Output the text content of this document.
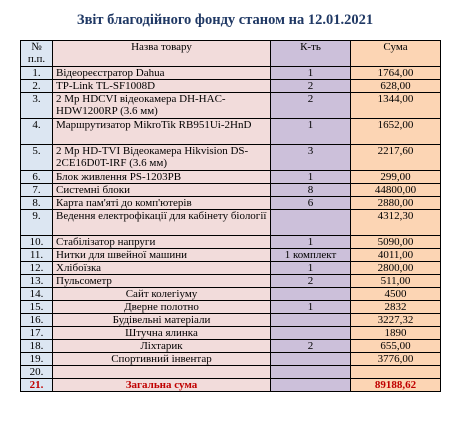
Звіт благодійного фонду станом на 12.01.2021
№
п.п.	Назва товару	К-ть	Сума
1.	Відеореєстратор Dahua	1	1764,00
2.	TP-Link TL-SF1008D	2	628,00
3.	2 Mp HDCVI відеокамера DH-HAC-HDW1200RP (3.6 мм)	2	1344,00
4.	Маршрутизатор MikroTik RB951Ui-2HnD	1	1652,00
5.	2 Mp HD-TVI Відеокамера Hikvision DS-2CE16D0T-IRF (3.6 мм)	3	2217,60
6.	Блок живлення PS-1203PB	1	299,00
7.	Системні блоки	8	44800,00
8.	Карта пам'яті до комп'ютерів	6	2880,00
9.	Ведення електрофікації для кабінету біології		4312,30
10.	Стабілізатор напруги	1	5090,00
11.	Нитки для швейної машини	1 комплект	4011,00
12.	Хлібоїзка	1	2800,00
13.	Пульсометр	2	511,00
14.	Сайт колегіуму		4500
15.	Дверне полотно	1	2832
16.	Будівельні матеріали		3227,32
17.	Штучна ялинка		1890
18.	Ліхтарик	2	655,00
19.	Спортивний інвентар		3776,00
20.			
21.	Загальна сума		89188,62
